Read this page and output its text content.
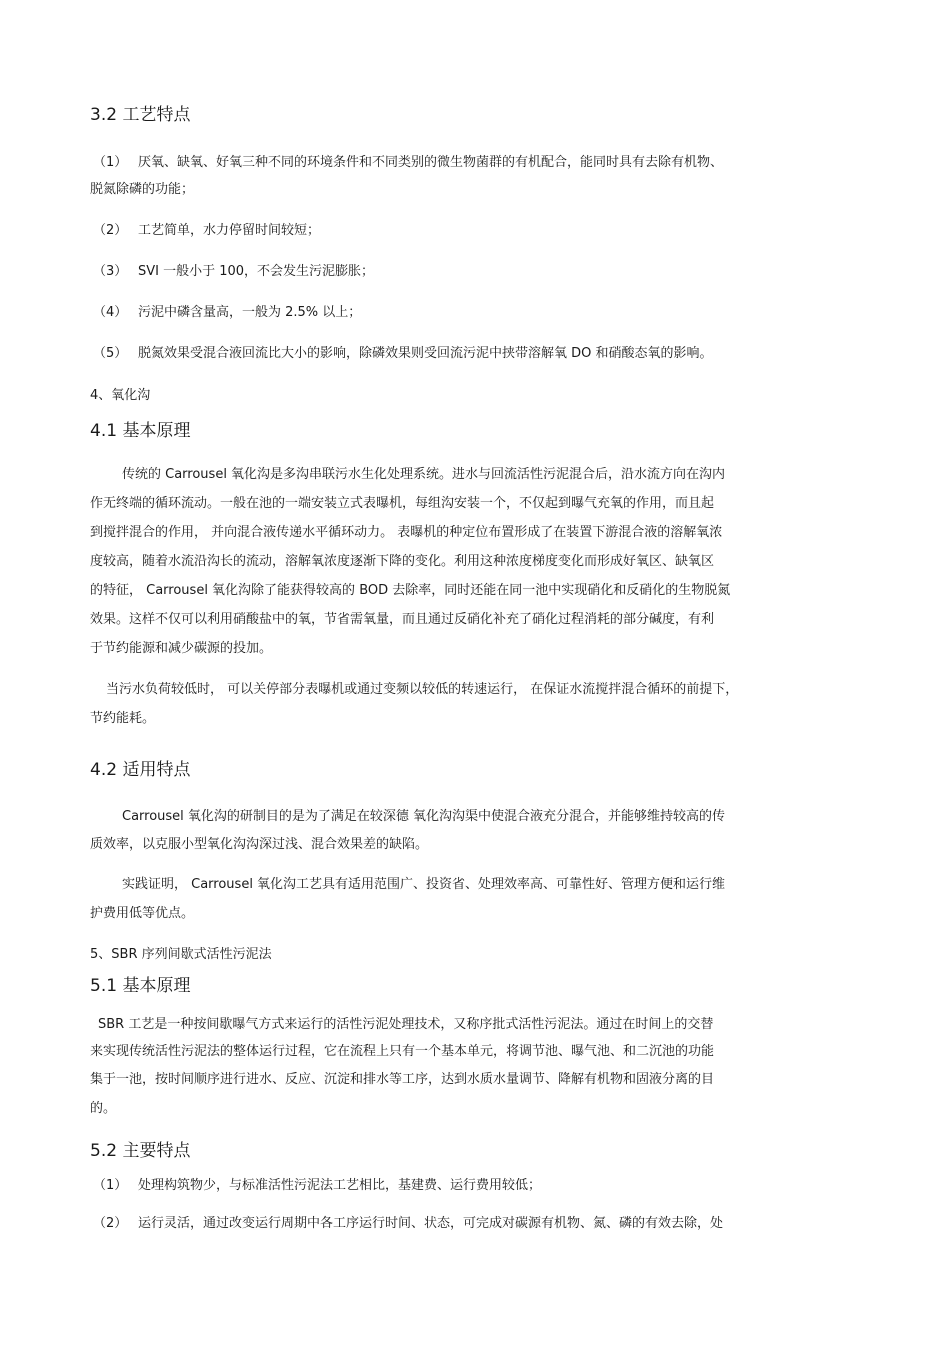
3.2 工艺特点
（1） 厌氧、缺氧、好氧三种不同的环境条件和不同类别的微生物菌群的有机配合，能同时具有去除有机物、
脱氮除磷的功能；
（2） 工艺简单，水力停留时间较短；
（3） SVI 一般小于 100，不会发生污泥膨胀；
（4） 污泥中磷含量高，一般为 2.5% 以上；
（5） 脱氮效果受混合液回流比大小的影响，除磷效果则受回流污泥中挟带溶解氧 DO 和硝酸态氧的影响。
4、氧化沟
4.1 基本原理
传统的 Carrousel 氧化沟是多沟串联污水生化处理系统。进水与回流活性污泥混合后，沿水流方向在沟内
作无终端的循环流动。一般在池的一端安装立式表曝机，每组沟安装一个，不仅起到曝气充氧的作用，而且起
到搅拌混合的作用， 并向混合液传递水平循环动力。 表曝机的种定位布置形成了在装置下游混合液的溶解氧浓
度较高，随着水流沿沟长的流动，溶解氧浓度逐渐下降的变化。利用这种浓度梯度变化而形成好氧区、缺氧区
的特征， Carrousel 氧化沟除了能获得较高的 BOD 去除率，同时还能在同一池中实现硝化和反硝化的生物脱氮
效果。这样不仅可以利用硝酸盐中的氧，节省需氧量，而且通过反硝化补充了硝化过程消耗的部分碱度，有利
于节约能源和减少碳源的投加。
当污水负荷较低时， 可以关停部分表曝机或通过变频以较低的转速运行， 在保证水流搅拌混合循环的前提下，
节约能耗。
4.2 适用特点
Carrousel 氧化沟的研制目的是为了满足在较深德 氧化沟沟渠中使混合液充分混合，并能够维持较高的传
质效率，以克服小型氧化沟沟深过浅、混合效果差的缺陷。
实践证明， Carrousel 氧化沟工艺具有适用范围广、投资省、处理效率高、可靠性好、管理方便和运行维
护费用低等优点。
5、SBR 序列间歇式活性污泥法
5.1 基本原理
SBR 工艺是一种按间歇曝气方式来运行的活性污泥处理技术，又称序批式活性污泥法。通过在时间上的交替
来实现传统活性污泥法的整体运行过程，它在流程上只有一个基本单元，将调节池、曝气池、和二沉池的功能
集于一池，按时间顺序进行进水、反应、沉淀和排水等工序，达到水质水量调节、降解有机物和固液分离的目
的。
5.2 主要特点
（1） 处理构筑物少，与标准活性污泥法工艺相比，基建费、运行费用较低；
（2） 运行灵活，通过改变运行周期中各工序运行时间、状态，可完成对碳源有机物、氮、磷的有效去除，处
